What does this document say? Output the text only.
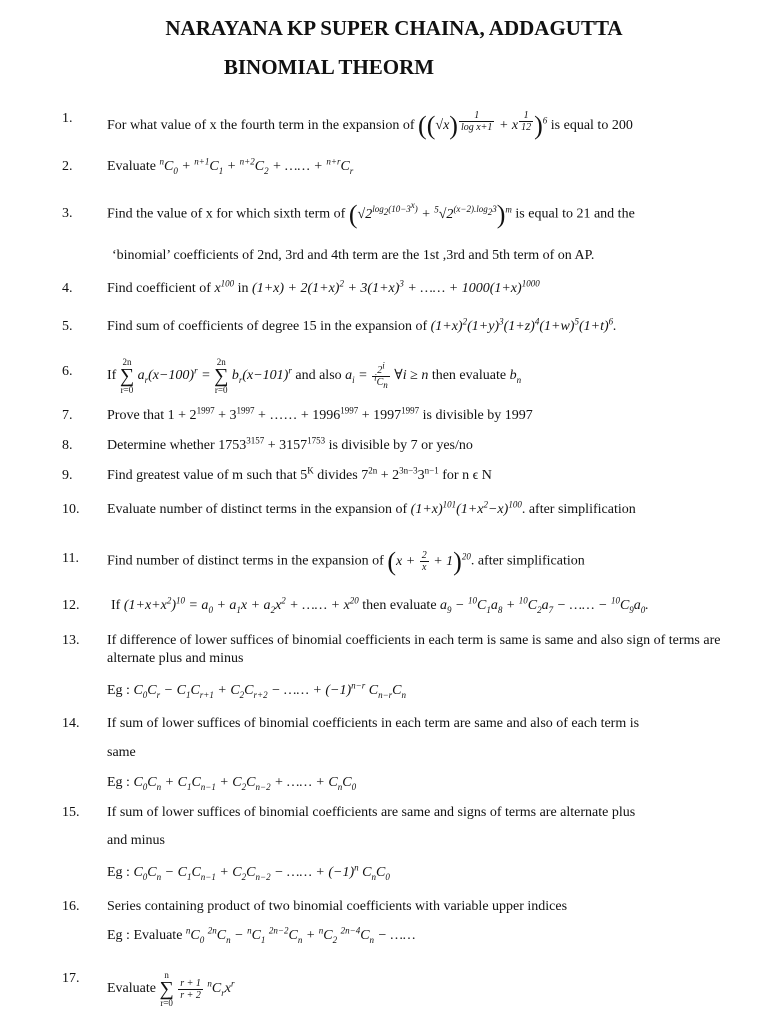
NARAYANA KP SUPER CHAINA, ADDAGUTTA
BINOMIAL THEORM
1. For what value of x the fourth term in the expansion of ((√x) $^{\frac{1}{\text{log x+1}}}$ + x $^{\frac{1}{12}}$ )$^6$ is equal to 200
2. Evaluate $^nC_0 + ^{n+1}C_1 + ^{n+2}C_2$ + …… + $^{n+r}C_r$
3. Find the value of x for which sixth term of $(√2^{log_2(10-3^x)} + ^5√2^{(x-2).log_23})^m$ is equal to 21 and the
‘binomial’ coefficients of 2nd, 3rd and 4th term are the 1st ,3rd and 5th term of on AP.
4. Find coefficient of $x^{100}$ in $(1+x) + 2(1+x)^2 + 3(1+x)^3$ + …… + $1000(1+x)^{1000}$
5. Find sum of coefficients of degree 15 in the expansion of $(1+x)^2(1+y)^3(1+z)^4(1+w)^5(1+t)^6$.
6. If 2n
∑
r=0 $a_r(x-100)^r = 2n$
∑
r=0 $b_r(x-101)^r$ and also $a_i = \frac{2^i}{^iC_n}$ ∀i ≥ n then evaluate $b_n$
7. Prove that $1 + 2^{1997} + 3^{1997}$ + …… + $1996^{1997} + 1997^{1997}$ is divisible by 1997
8. Determine whether $1753^{3157} + 3157^{1753}$ is divisible by 7 or yes/no
9. Find greatest value of m such that $5^K$ divides $7^{2n} + 2^{3n-3}3^{n-1}$ for n ϵ N
10. Evaluate number of distinct terms in the expansion of $(1+x)^{101}(1+x^2-x)^{100}$. after simplification
11. Find number of distinct terms in the expansion of $(x + \frac{2}{x} + 1)^{20}$. after simplification
12. If $(1+x+x^2)^{10} = a_0 + a_1x + a_2x^2$ + …… + $x^{20}$ then evaluate $a_9 - ^{10}C_1a_8 + ^{10}C_2a_7$ − …… − $^{10}C_9a_0$.
13. If difference of lower suffices of binomial coefficients in each term is same is same and also sign of terms are alternate plus and minus
Eg : $C_0C_r - C_1C_{r+1} + C_2C_{r+2}$ − …… + $(-1)^{n-r}$ $C_{n-r}C_n$
14. If sum of lower suffices of binomial coefficients in each term are same and also of each term is
same
Eg : $C_0C_n + C_1C_{n-1} + C_2C_{n-2}$ + …… + $C_nC_0$
15. If sum of lower suffices of binomial coefficients are same and signs of terms are alternate plus
and minus
Eg : $C_0C_n - C_1C_{n-1} + C_2C_{n-2}$ − …… + $(-1)^n$ $C_nC_0$
16. Series containing product of two binomial coefficients with variable upper indices
Eg : Evaluate $^nC_0$ $^{2n}C_n - ^nC_1$ $^{2n-2}C_n + ^nC_2$ $^{2n-4}C_n$ − ……
17.
Evaluate n
∑
r=0
$\frac{r + 1}{r + 2} ^nC_rx^r$
